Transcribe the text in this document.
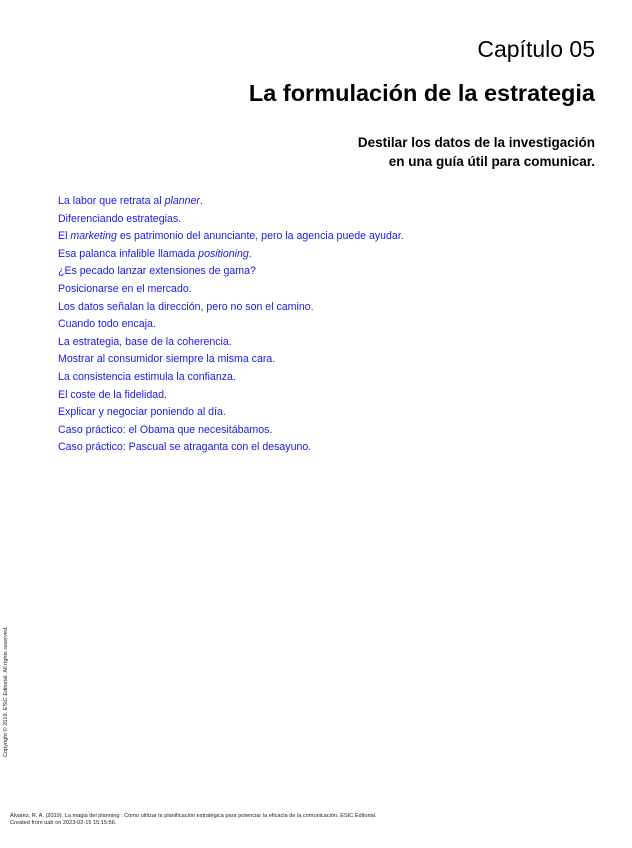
Capítulo 05
La formulación de la estrategia

Destilar los datos de la investigación
en una guía útil para comunicar.

La labor que retrata al planner.
Diferenciando estrategias.
El marketing es patrimonio del anunciante, pero la agencia puede ayudar.
Esa palanca infalible llamada positioning.
¿Es pecado lanzar extensiones de gama?
Posicionarse en el mercado.
Los datos señalan la dirección, pero no son el camino.
Cuando todo encaja.
La estrategia, base de la coherencia.
Mostrar al consumidor siempre la misma cara.
La consistencia estimula la confianza.
El coste de la fidelidad.
Explicar y negociar poniendo al día.
Caso práctico: el Obama que necesitábamos.
Caso práctico: Pascual se atraganta con el desayuno.
Copyright © 2019. ESIC Editorial. All rights reserved.
Álvarez, R. A. (2019). La magia del planning : Cómo utilizar la planificación estratégica para potenciar la eficacia de la comunicación. ESIC Editorial.
Created from uab on 2023-02-15 15:15:56.
